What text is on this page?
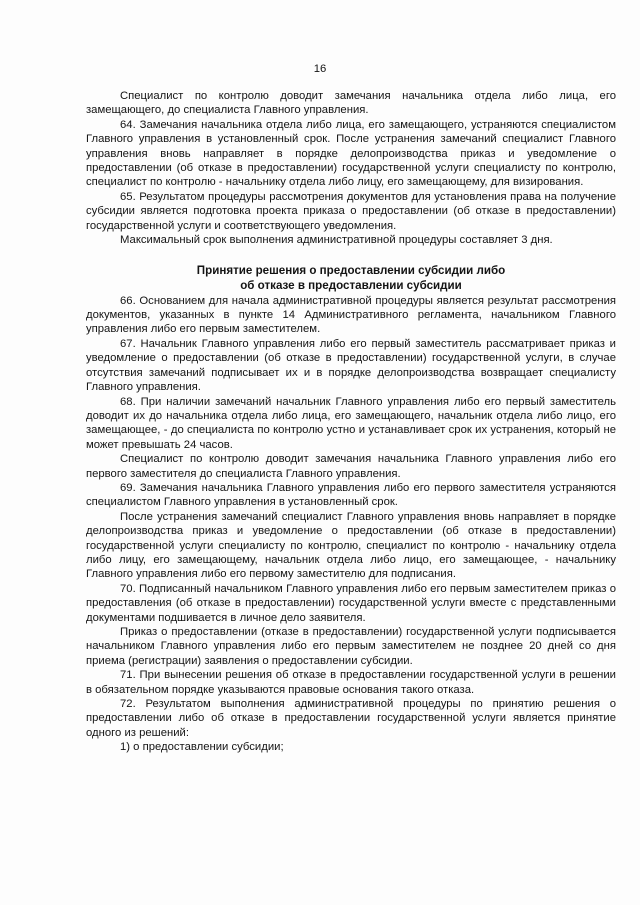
16

Специалист по контролю доводит замечания начальника отдела либо лица, его замещающего, до специалиста Главного управления.

64. Замечания начальника отдела либо лица, его замещающего, устраняются специалистом Главного управления в установленный срок. После устранения замечаний специалист Главного управления вновь направляет в порядке делопроизводства приказ и уведомление о предоставлении (об отказе в предоставлении) государственной услуги специалисту по контролю, специалист по контролю - начальнику отдела либо лицу, его замещающему, для визирования.

65. Результатом процедуры рассмотрения документов для установления права на получение субсидии является подготовка проекта приказа о предоставлении (об отказе в предоставлении) государственной услуги и соответствующего уведомления.

Максимальный срок выполнения административной процедуры составляет 3 дня.

Принятие решения о предоставлении субсидии либо
об отказе в предоставлении субсидии

66. Основанием для начала административной процедуры является результат рассмотрения документов, указанных в пункте 14 Административного регламента, начальником Главного управления либо его первым заместителем.

67. Начальник Главного управления либо его первый заместитель рассматривает приказ и уведомление о предоставлении (об отказе в предоставлении) государственной услуги, в случае отсутствия замечаний подписывает их и в порядке делопроизводства возвращает специалисту Главного управления.

68. При наличии замечаний начальник Главного управления либо его первый заместитель доводит их до начальника отдела либо лица, его замещающего, начальник отдела либо лицо, его замещающее, - до специалиста по контролю устно и устанавливает срок их устранения, который не может превышать 24 часов.

Специалист по контролю доводит замечания начальника Главного управления либо его первого заместителя до специалиста Главного управления.

69. Замечания начальника Главного управления либо его первого заместителя устраняются специалистом Главного управления в установленный срок.

После устранения замечаний специалист Главного управления вновь направляет в порядке делопроизводства приказ и уведомление о предоставлении (об отказе в предоставлении) государственной услуги специалисту по контролю, специалист по контролю - начальнику отдела либо лицу, его замещающему, начальник отдела либо лицо, его замещающее, - начальнику Главного управления либо его первому заместителю для подписания.

70. Подписанный начальником Главного управления либо его первым заместителем приказ о предоставления (об отказе в предоставлении) государственной услуги вместе с представленными документами подшивается в личное дело заявителя.

Приказ о предоставлении (отказе в предоставлении) государственной услуги подписывается начальником Главного управления либо его первым заместителем не позднее 20 дней со дня приема (регистрации) заявления о предоставлении субсидии.

71. При вынесении решения об отказе в предоставлении государственной услуги в решении в обязательном порядке указываются правовые основания такого отказа.

72. Результатом выполнения административной процедуры по принятию решения о предоставлении либо об отказе в предоставлении государственной услуги является принятие одного из решений:

1) о предоставлении субсидии;
